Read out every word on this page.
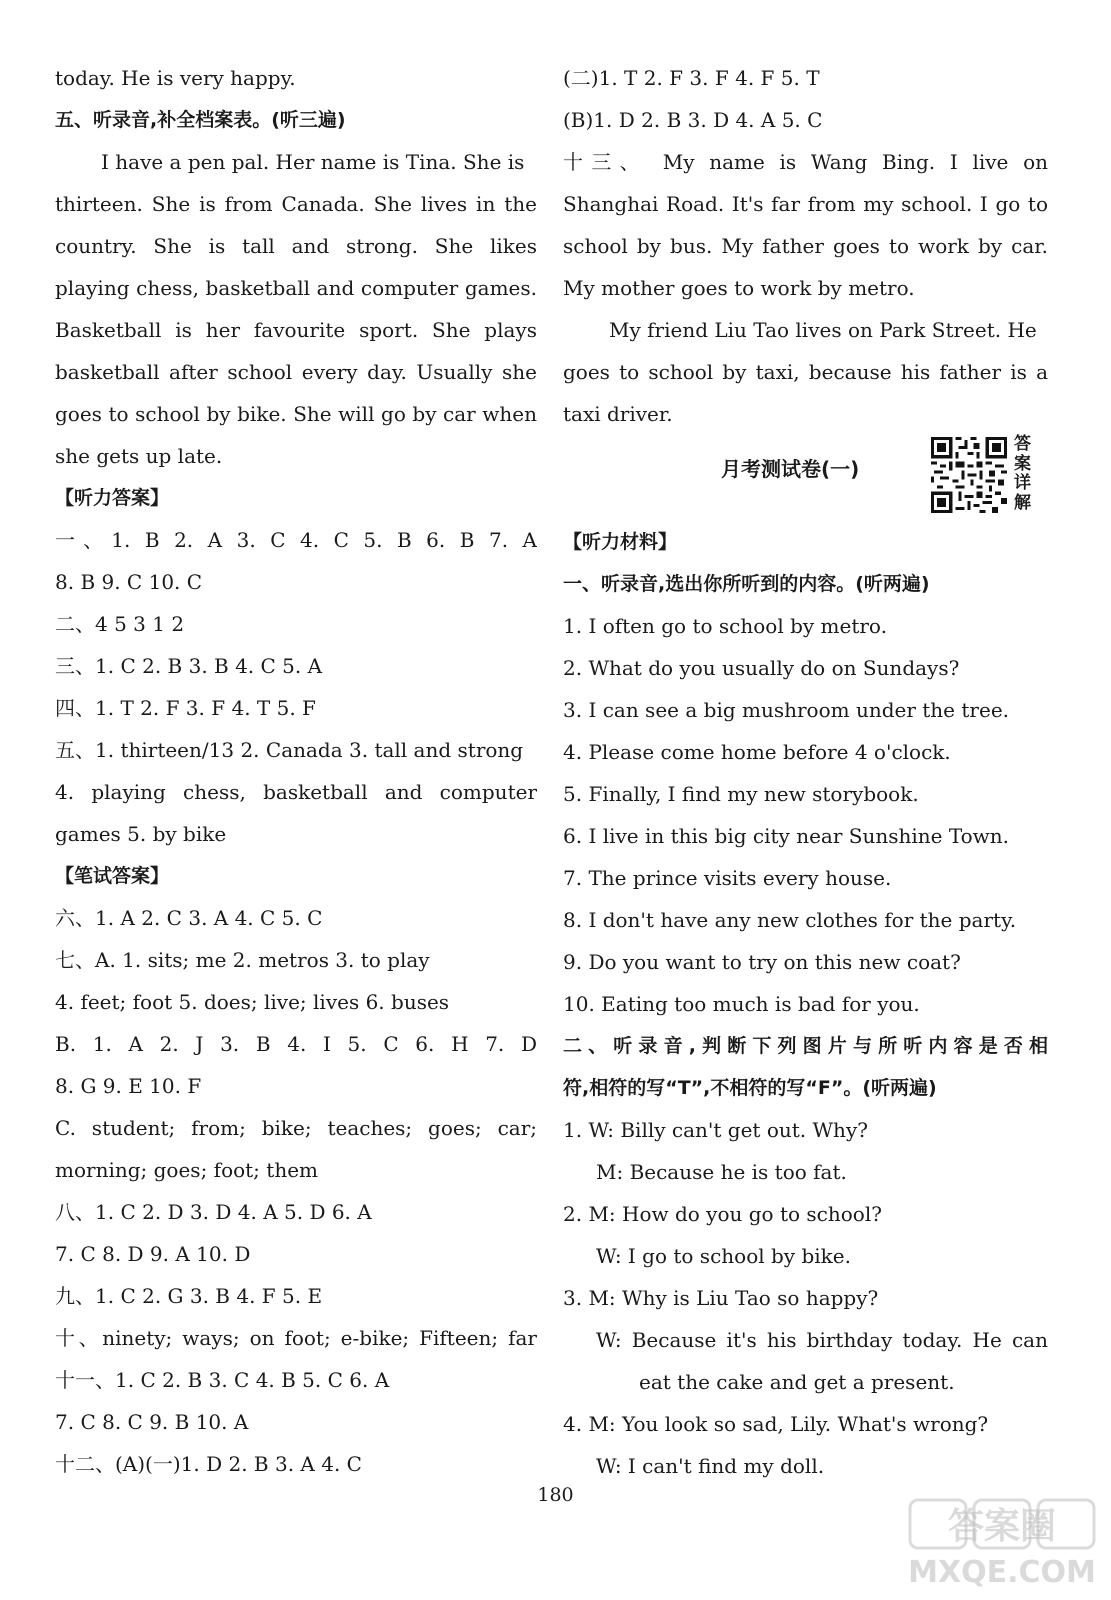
today. He is very happy.
五、听录音,补全档案表。(听三遍)
I have a pen pal. Her name is Tina. She is
thirteen. She is from Canada. She lives in the
country. She is tall and strong. She likes
playing chess, basketball and computer games.
Basketball is her favourite sport. She plays
basketball after school every day. Usually she
goes to school by bike. She will go by car when
she gets up late.
【听力答案】
一、1. B 2. A 3. C 4. C 5. B 6. B 7. A
8. B 9. C 10. C
二、4 5 3 1 2
三、1. C 2. B 3. B 4. C 5. A
四、1. T 2. F 3. F 4. T 5. F
五、1. thirteen/13 2. Canada 3. tall and strong
4. playing chess, basketball and computer
games 5. by bike
【笔试答案】
六、1. A 2. C 3. A 4. C 5. C
七、A. 1. sits; me 2. metros 3. to play
4. feet; foot 5. does; live; lives 6. buses
B. 1. A 2. J 3. B 4. I 5. C 6. H 7. D
8. G 9. E 10. F
C. student; from; bike; teaches; goes; car;
morning; goes; foot; them
八、1. C 2. D 3. D 4. A 5. D 6. A
7. C 8. D 9. A 10. D
九、1. C 2. G 3. B 4. F 5. E
十、ninety; ways; on foot; e-bike; Fifteen; far
十一、1. C 2. B 3. C 4. B 5. C 6. A
7. C 8. C 9. B 10. A
十二、(A)(一)1. D 2. B 3. A 4. C
(二)1. T 2. F 3. F 4. F 5. T
(B)1. D 2. B 3. D 4. A 5. C
十三、 My name is Wang Bing. I live on
Shanghai Road. It's far from my school. I go to
school by bus. My father goes to work by car.
My mother goes to work by metro.
My friend Liu Tao lives on Park Street. He
goes to school by taxi, because his father is a
taxi driver.
月考测试卷(一)
答案详解
【听力材料】
一、听录音,选出你所听到的内容。(听两遍)
1. I often go to school by metro.
2. What do you usually do on Sundays?
3. I can see a big mushroom under the tree.
4. Please come home before 4 o'clock.
5. Finally, I find my new storybook.
6. I live in this big city near Sunshine Town.
7. The prince visits every house.
8. I don't have any new clothes for the party.
9. Do you want to try on this new coat?
10. Eating too much is bad for you.
二、听录音,判断下列图片与所听内容是否相
符,相符的写“T”,不相符的写“F”。(听两遍)
1. W: Billy can't get out. Why?
M: Because he is too fat.
2. M: How do you go to school?
W: I go to school by bike.
3. M: Why is Liu Tao so happy?
W: Because it's his birthday today. He can
eat the cake and get a present.
4. M: You look so sad, Lily. What's wrong?
W: I can't find my doll.
180
答案圈
MXQE.COM
